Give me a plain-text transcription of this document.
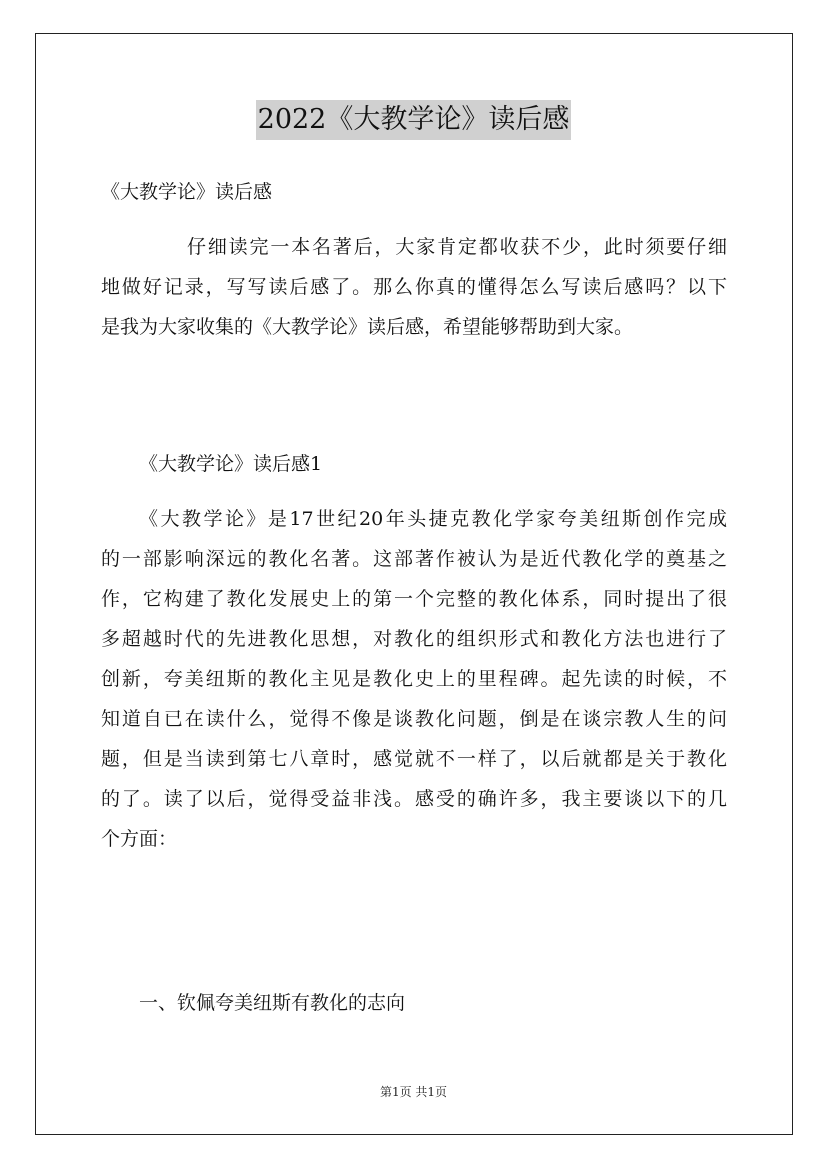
2022《大教学论》读后感
《大教学论》读后感
仔细读完一本名著后，大家肯定都收获不少，此时须要仔细
地做好记录，写写读后感了。那么你真的懂得怎么写读后感吗？以下
是我为大家收集的《大教学论》读后感，希望能够帮助到大家。
《大教学论》读后感1
《大教学论》是17世纪20年头捷克教化学家夸美纽斯创作完成
的一部影响深远的教化名著。这部著作被认为是近代教化学的奠基之
作，它构建了教化发展史上的第一个完整的教化体系，同时提出了很
多超越时代的先进教化思想，对教化的组织形式和教化方法也进行了
创新，夸美纽斯的教化主见是教化史上的里程碑。起先读的时候，不
知道自已在读什么，觉得不像是谈教化问题，倒是在谈宗教人生的问
题，但是当读到第七八章时，感觉就不一样了，以后就都是关于教化
的了。读了以后，觉得受益非浅。感受的确许多，我主要谈以下的几
个方面：
一、钦佩夸美纽斯有教化的志向
第1页 共1页
